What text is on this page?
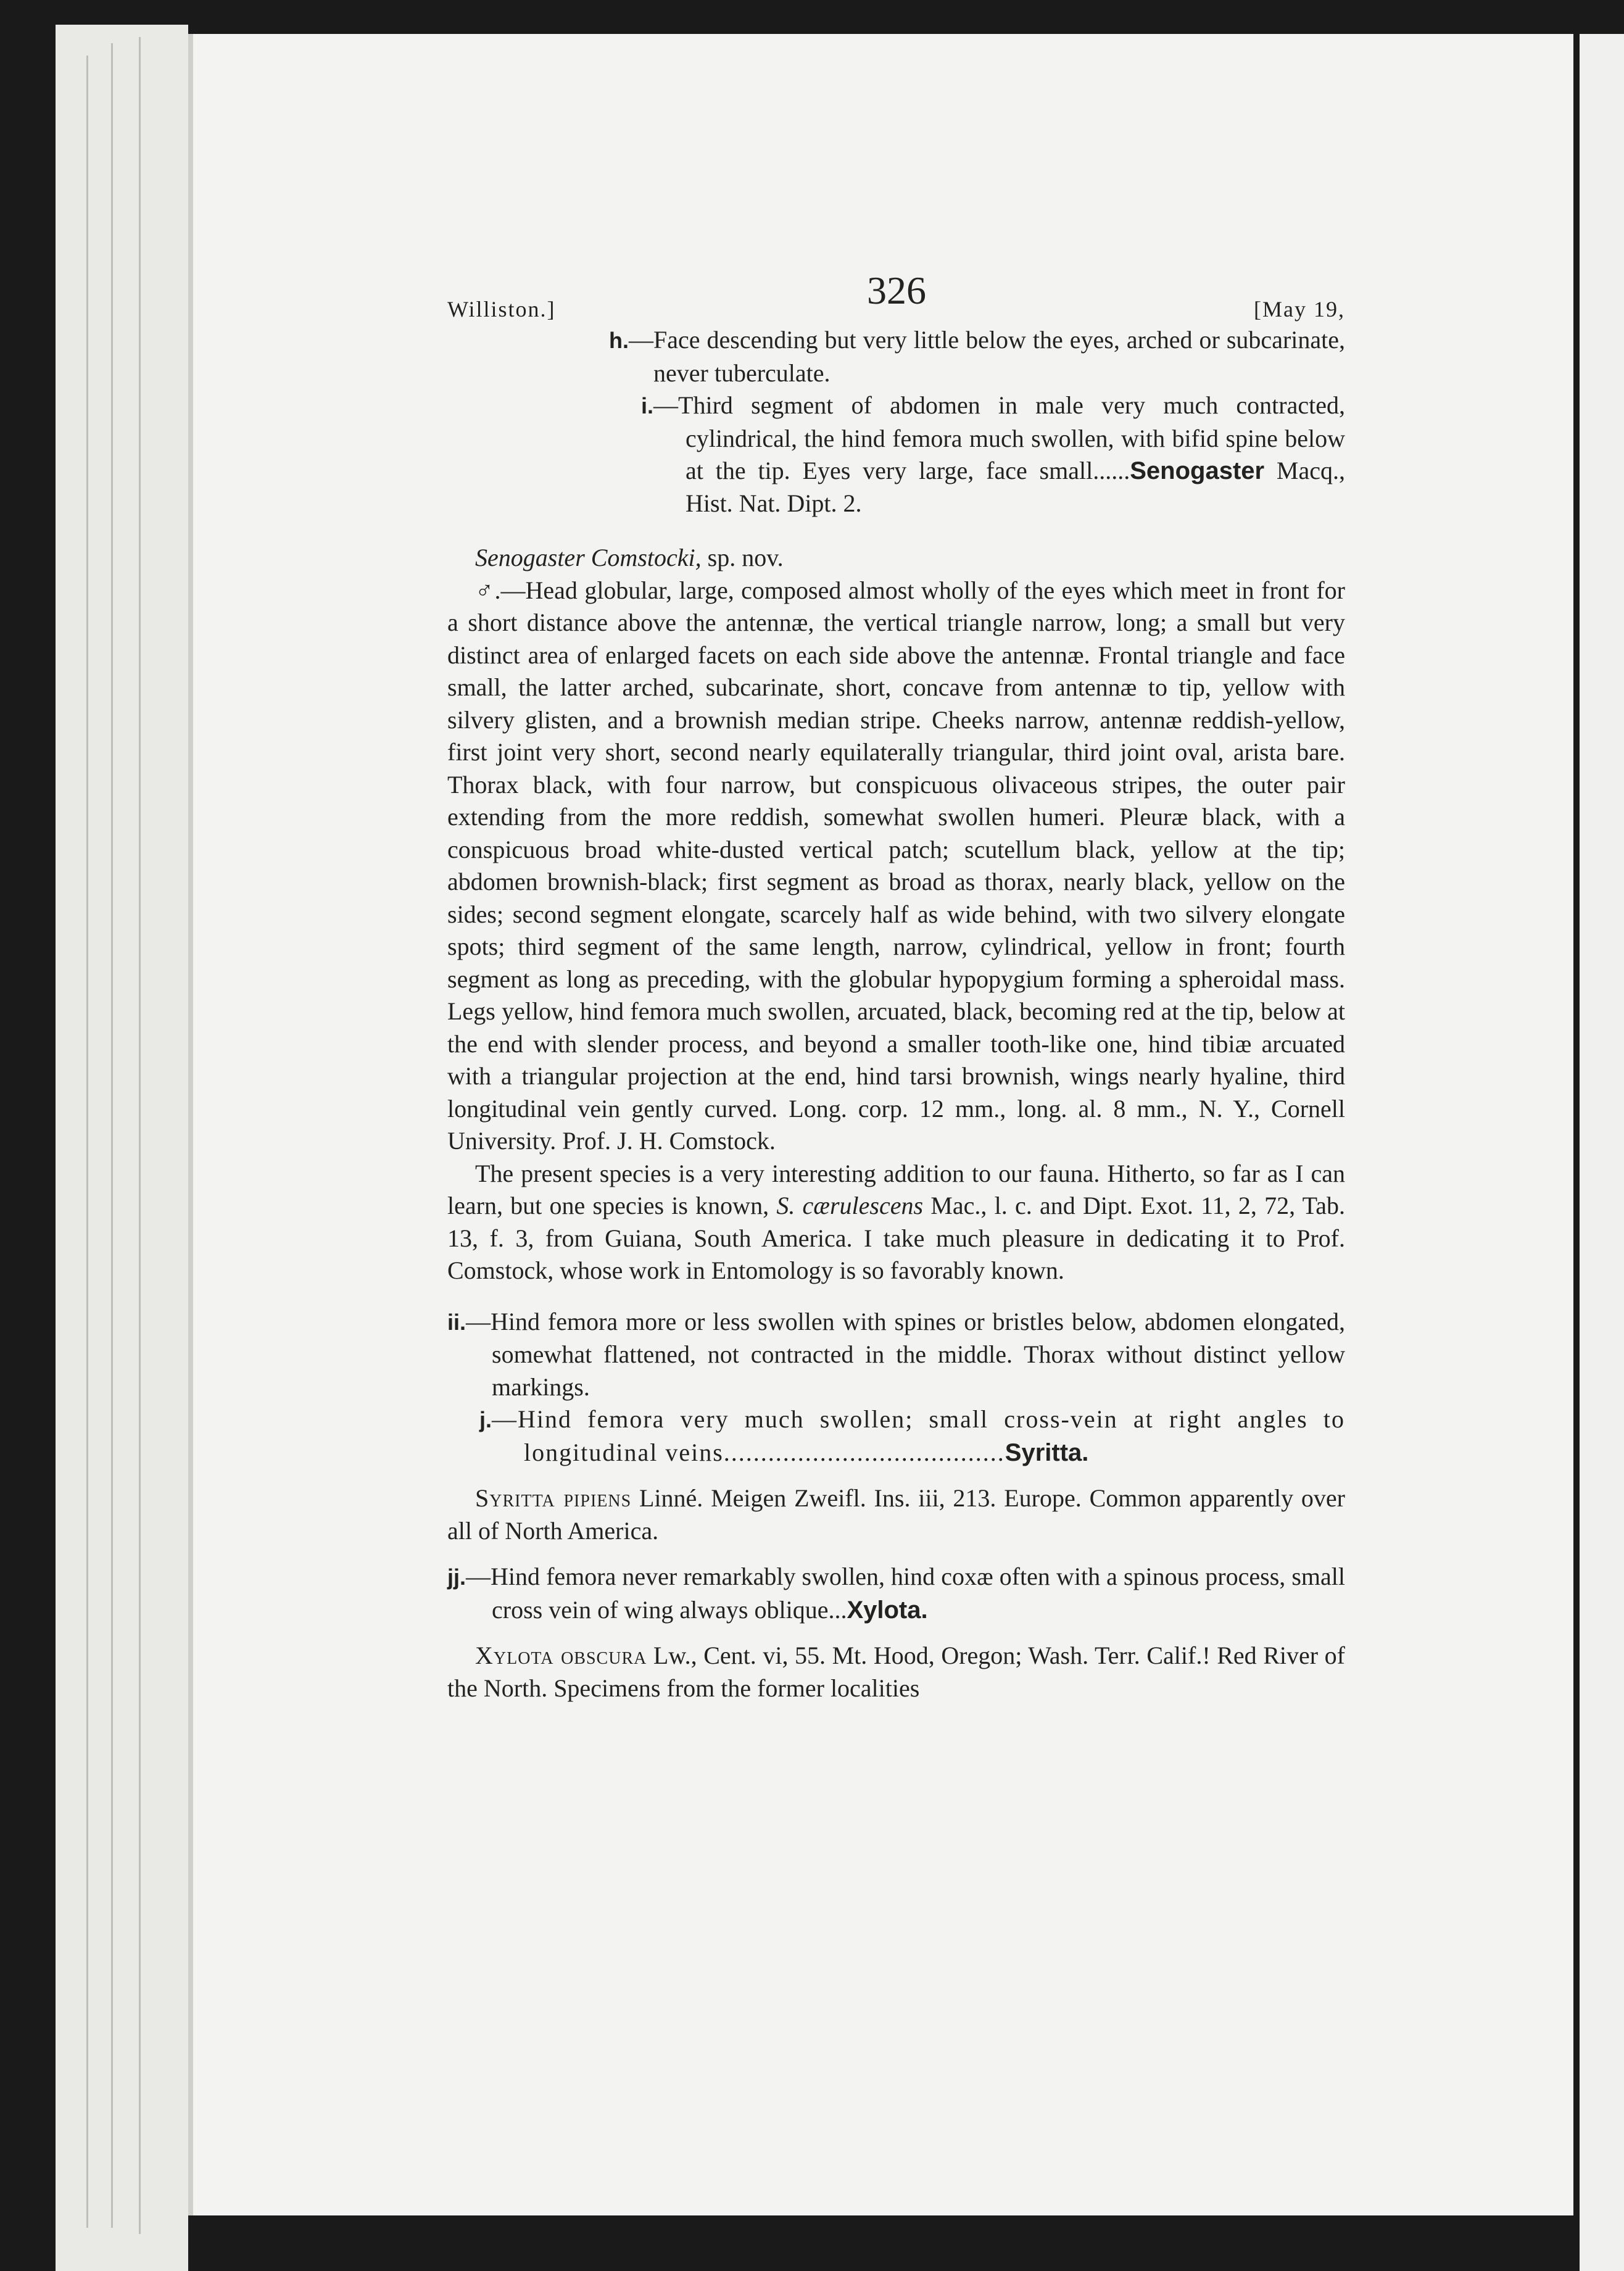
Williston.]	326	[May 19,
h.—Face descending but very little below the eyes, arched or subcarinate, never tuberculate.
i.—Third segment of abdomen in male very much contracted, cylindrical, the hind femora much swollen, with bifid spine below at the tip. Eyes very large, face small......Senogaster Macq., Hist. Nat. Dipt. 2.
Senogaster Comstocki, sp. nov.

♂.—Head globular, large, composed almost wholly of the eyes which meet in front for a short distance above the antennæ, the vertical triangle narrow, long; a small but very distinct area of enlarged facets on each side above the antennæ. Frontal triangle and face small, the latter arched, subcarinate, short, concave from antennæ to tip, yellow with silvery glisten, and a brownish median stripe. Cheeks narrow, antennæ reddish-yellow, first joint very short, second nearly equilaterally triangular, third joint oval, arista bare. Thorax black, with four narrow, but conspicuous olivaceous stripes, the outer pair extending from the more reddish, somewhat swollen humeri. Pleuræ black, with a conspicuous broad white-dusted vertical patch; scutellum black, yellow at the tip; abdomen brownish-black; first segment as broad as thorax, nearly black, yellow on the sides; second segment elongate, scarcely half as wide behind, with two silvery elongate spots; third segment of the same length, narrow, cylindrical, yellow in front; fourth segment as long as preceding, with the globular hypopygium forming a spheroidal mass. Legs yellow, hind femora much swollen, arcuated, black, becoming red at the tip, below at the end with slender process, and beyond a smaller tooth-like one, hind tibiæ arcuated with a triangular projection at the end, hind tarsi brownish, wings nearly hyaline, third longitudinal vein gently curved. Long. corp. 12 mm., long. al. 8 mm., N. Y., Cornell University. Prof. J. H. Comstock.

The present species is a very interesting addition to our fauna. Hitherto, so far as I can learn, but one species is known, S. cærulescens Mac., l. c. and Dipt. Exot. 11, 2, 72, Tab. 13, f. 3, from Guiana, South America. I take much pleasure in dedicating it to Prof. Comstock, whose work in Entomology is so favorably known.

ii.—Hind femora more or less swollen with spines or bristles below, abdomen elongated, somewhat flattened, not contracted in the middle. Thorax without distinct yellow markings.
j.—Hind femora very much swollen; small cross-vein at right angles to longitudinal veins......................................Syritta.

Syritta pipiens Linné. Meigen Zweifl. Ins. iii, 213. Europe. Common apparently over all of North America.

jj.—Hind femora never remarkably swollen, hind coxæ often with a spinous process, small cross vein of wing always oblique...Xylota.

Xylota obscura Lw., Cent. vi, 55. Mt. Hood, Oregon; Wash. Terr. Calif.! Red River of the North. Specimens from the former localities
